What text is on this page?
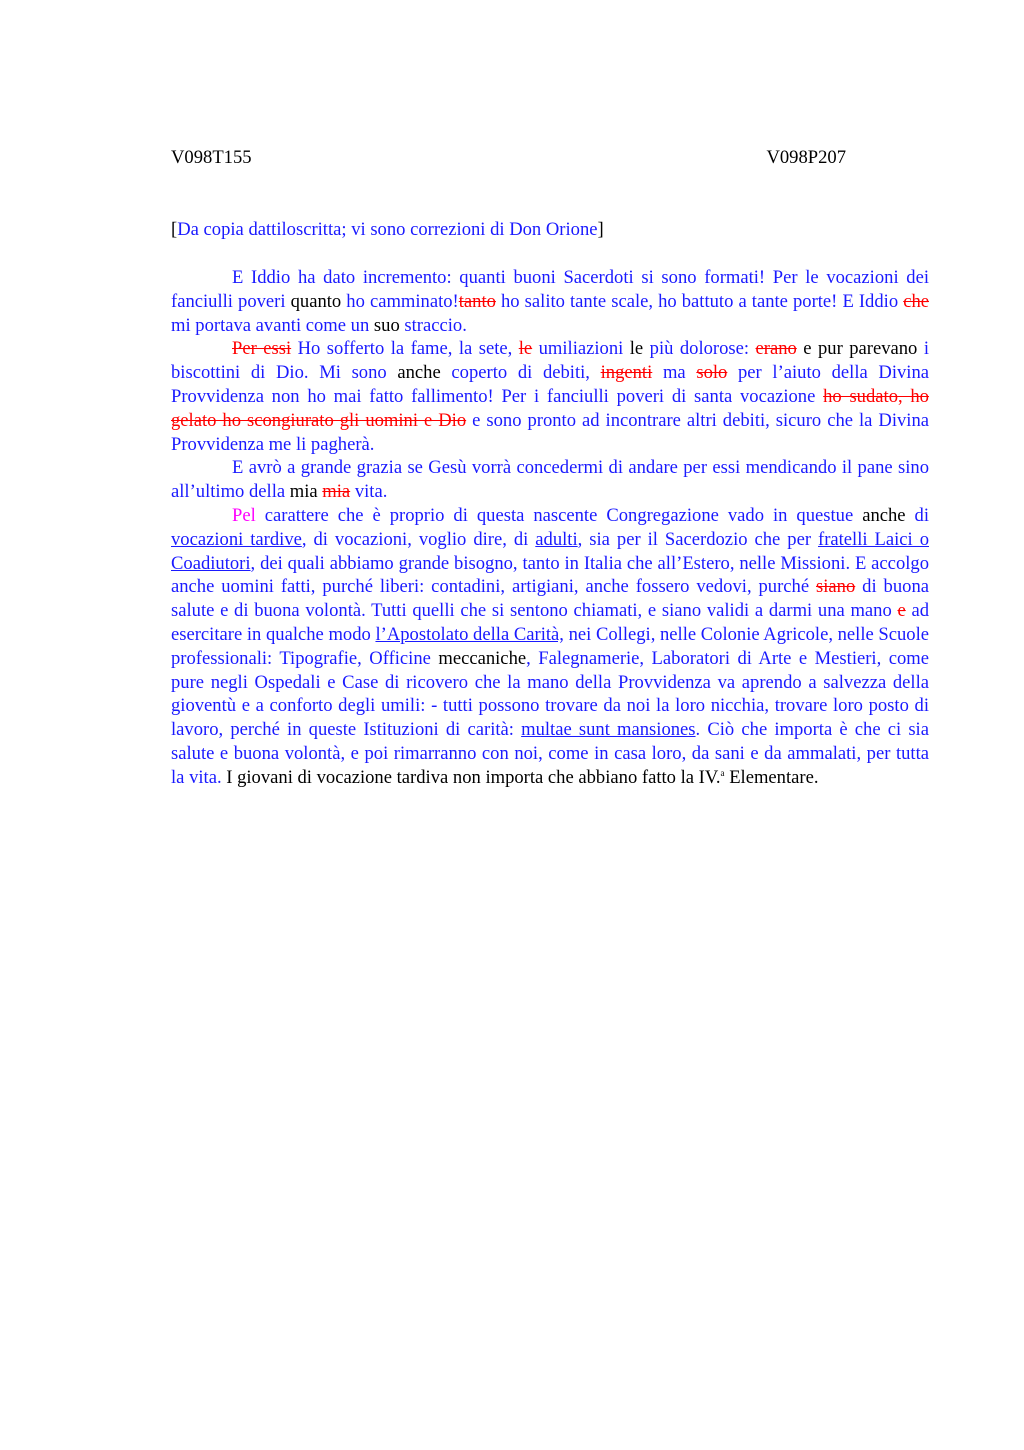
V098T155	V098P207
[Da copia dattiloscritta; vi sono correzioni di Don Orione]

E Iddio ha dato incremento: quanti buoni Sacerdoti si sono formati! Per le vocazioni dei fanciulli poveri quanto ho camminato!tanto ho salito tante scale, ho battuto a tante porte! E Iddio che mi portava avanti come un suo straccio.

Per essi Ho sofferto la fame, la sete, le umiliazioni le più dolorose: erano e pur parevano i biscottini di Dio. Mi sono anche coperto di debiti, ingenti ma solo per l’aiuto della Divina Provvidenza non ho mai fatto fallimento! Per i fanciulli poveri di santa vocazione ho sudato, ho gelato ho scongiurato gli uomini e Dio e sono pronto ad incontrare altri debiti, sicuro che la Divina Provvidenza me li pagherà.

E avrò a grande grazia se Gesù vorrà concedermi di andare per essi mendicando il pane sino all’ultimo della mia mia vita.

Pel carattere che è proprio di questa nascente Congregazione vado in questue anche di vocazioni tardive, di vocazioni, voglio dire, di adulti, sia per il Sacerdozio che per fratelli Laici o Coadiutori, dei quali abbiamo grande bisogno, tanto in Italia che all’Estero, nelle Missioni. E accolgo anche uomini fatti, purché liberi: contadini, artigiani, anche fossero vedovi, purché siano di buona salute e di buona volontà. Tutti quelli che si sentono chiamati, e siano validi a darmi una mano e ad esercitare in qualche modo l’Apostolato della Carità, nei Collegi, nelle Colonie Agricole, nelle Scuole professionali: Tipografie, Officine meccaniche, Falegnamerie, Laboratori di Arte e Mestieri, come pure negli Ospedali e Case di ricovero che la mano della Provvidenza va aprendo a salvezza della gioventù e a conforto degli umili: - tutti possono trovare da noi la loro nicchia, trovare loro posto di lavoro, perché in queste Istituzioni di carità: multae sunt mansiones. Ciò che importa è che ci sia salute e buona volontà, e poi rimarranno con noi, come in casa loro, da sani e da ammalati, per tutta la vita. I giovani di vocazione tardiva non importa che abbiano fatto la IV.$^a$ Elementare.
